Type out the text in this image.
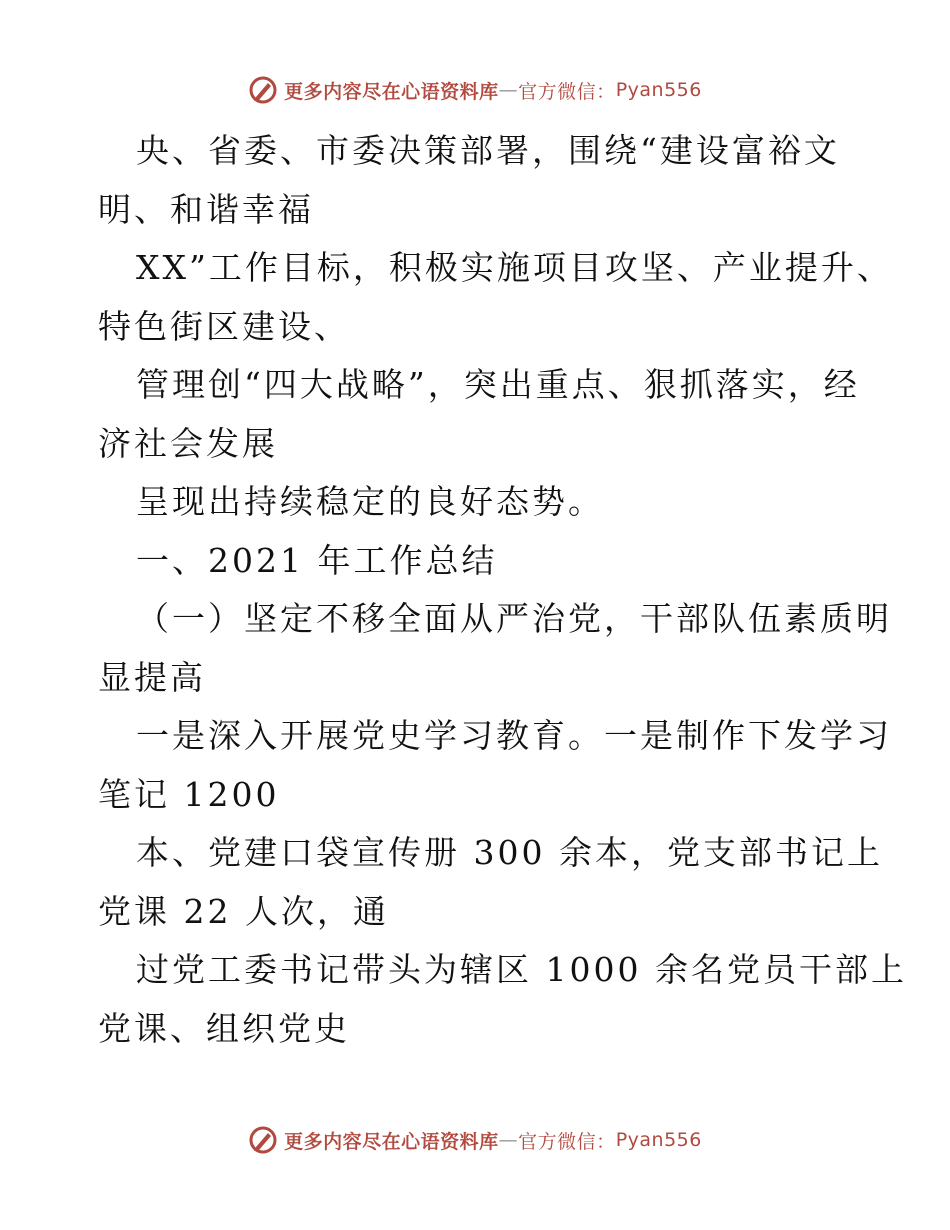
更多内容尽在心语资料库 — 官方微信： Pyan556
央、省委、市委决策部署，围绕“建设富裕文
明、和谐幸福
XX”工作目标，积极实施项目攻坚、产业提升、
特色街区建设、
管理创“四大战略”，突出重点、狠抓落实，经
济社会发展
呈现出持续稳定的良好态势。
一、2021 年工作总结
（一）坚定不移全面从严治党，干部队伍素质明
显提高
一是深入开展党史学习教育。一是制作下发学习
笔记 1200
本、党建口袋宣传册 300 余本，党支部书记上
党课 22 人次，通
过党工委书记带头为辖区 1000 余名党员干部上
党课、组织党史
更多内容尽在心语资料库 — 官方微信： Pyan556
